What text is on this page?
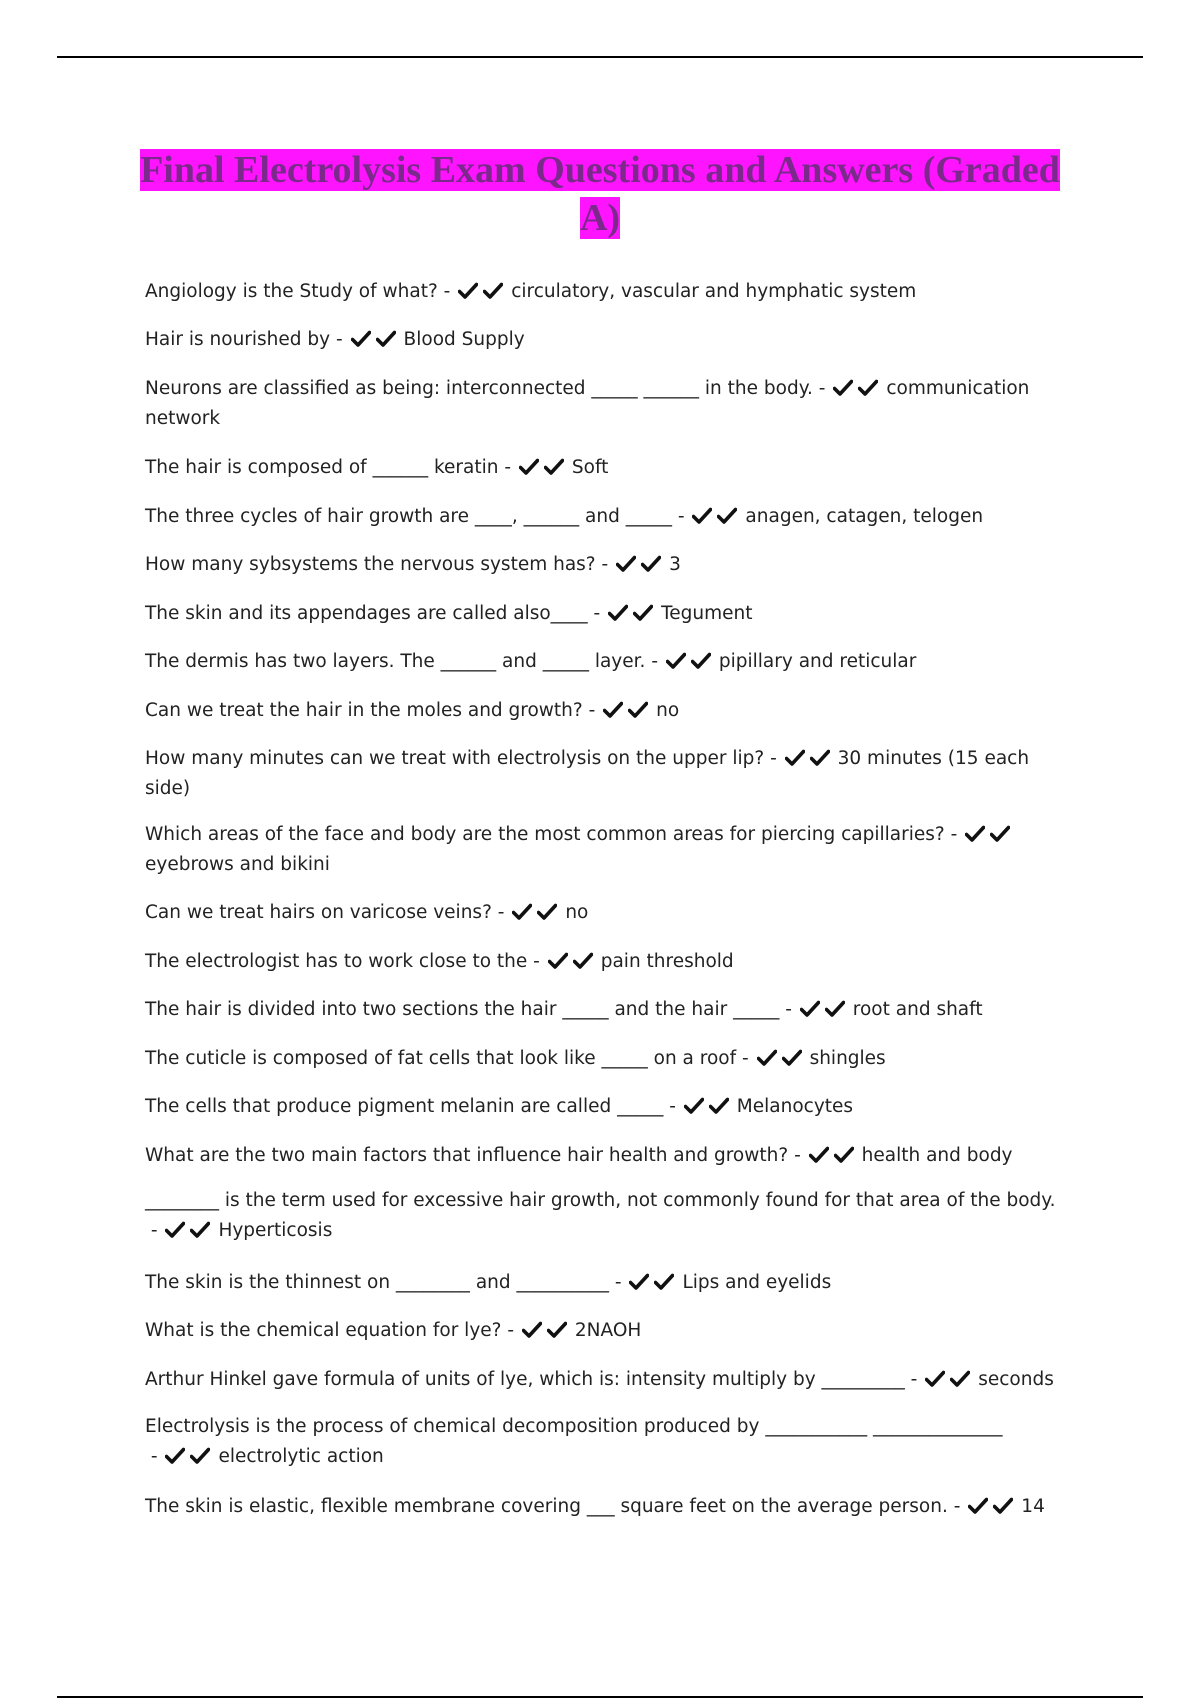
Final Electrolysis Exam Questions and Answers (Graded A)
Angiology is the Study of what? -	circulatory, vascular and hymphatic system
Hair is nourished by -	Blood Supply
Neurons are classified as being: interconnected _____ ______ in the body. -	communication network
The hair is composed of ______ keratin -	Soft
The three cycles of hair growth are ____, ______ and _____ -	anagen, catagen, telogen
How many sybsystems the nervous system has? -	3
The skin and its appendages are called also____ -	Tegument
The dermis has two layers. The ______ and _____ layer. -	pipillary and reticular
Can we treat the hair in the moles and growth? -	no
How many minutes can we treat with electrolysis on the upper lip? -	30 minutes (15 each side)
Which areas of the face and body are the most common areas for piercing capillaries? -
eyebrows and bikini
Can we treat hairs on varicose veins? -	no
The electrologist has to work close to the -	pain threshold
The hair is divided into two sections the hair _____ and the hair _____ -	root and shaft
The cuticle is composed of fat cells that look like _____ on a roof -	shingles
The cells that produce pigment melanin are called _____ -	Melanocytes
What are the two main factors that influence hair health and growth? -	health and body
________ is the term used for excessive hair growth, not commonly found for that area of the body. -	Hyperticosis
The skin is the thinnest on ________ and __________ -	Lips and eyelids
What is the chemical equation for lye? -	2NAOH
Arthur Hinkel gave formula of units of lye, which is: intensity multiply by _________ -	seconds
Electrolysis is the process of chemical decomposition produced by ___________ ______________ -	electrolytic action
The skin is elastic, flexible membrane covering ___ square feet on the average person. -	14
